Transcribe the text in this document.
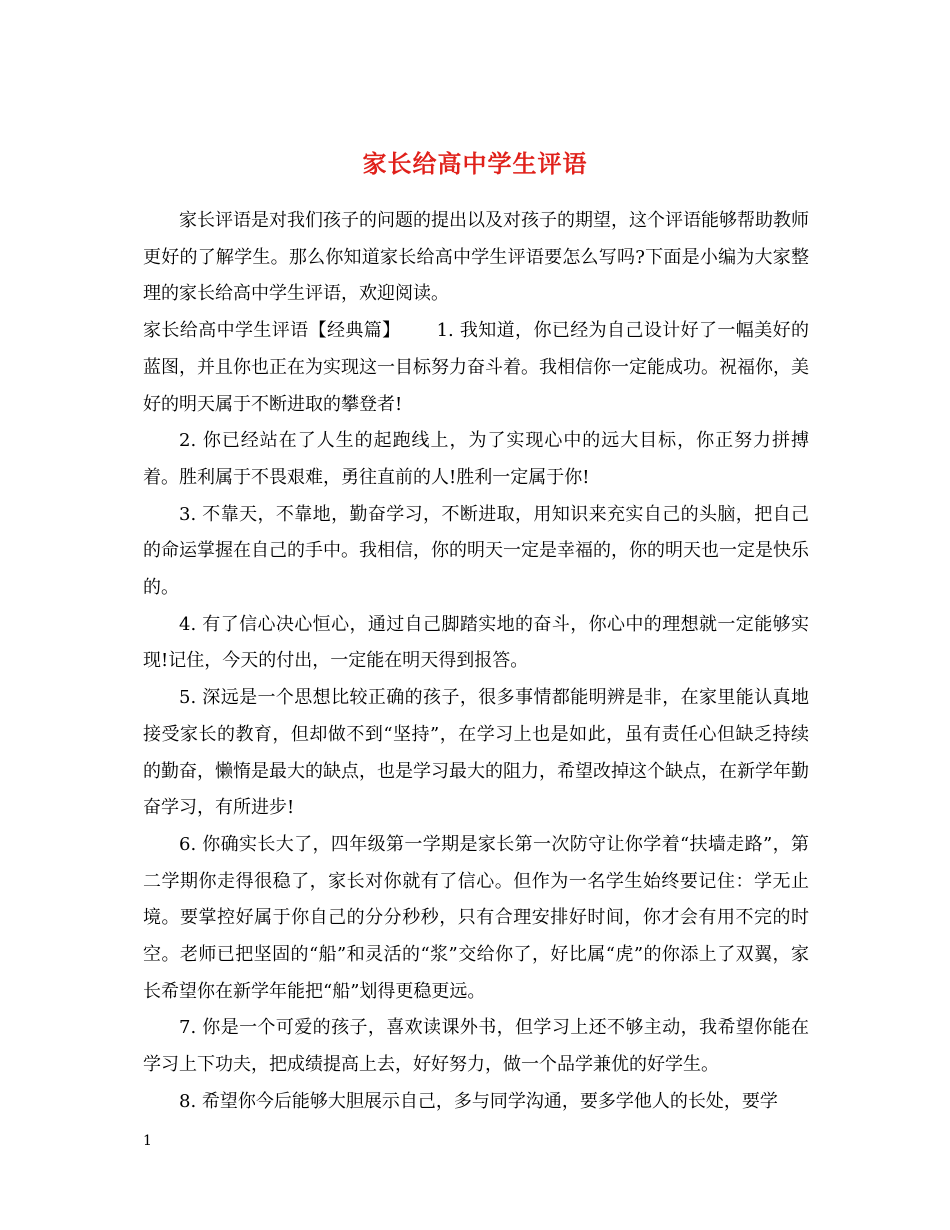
家长给高中学生评语

家长评语是对我们孩子的问题的提出以及对孩子的期望，这个评语能够帮助教师更好的了解学生。那么你知道家长给高中学生评语要怎么写吗?下面是小编为大家整理的家长给高中学生评语，欢迎阅读。

家长给高中学生评语【经典篇】 1. 我知道，你已经为自己设计好了一幅美好的蓝图，并且你也正在为实现这一目标努力奋斗着。我相信你一定能成功。祝福你，美好的明天属于不断进取的攀登者!

2. 你已经站在了人生的起跑线上，为了实现心中的远大目标，你正努力拼搏着。胜利属于不畏艰难，勇往直前的人!胜利一定属于你!

3. 不靠天，不靠地，勤奋学习，不断进取，用知识来充实自己的头脑，把自己的命运掌握在自己的手中。我相信，你的明天一定是幸福的，你的明天也一定是快乐的。

4. 有了信心决心恒心，通过自己脚踏实地的奋斗，你心中的理想就一定能够实现!记住，今天的付出，一定能在明天得到报答。

5. 深远是一个思想比较正确的孩子，很多事情都能明辨是非，在家里能认真地接受家长的教育，但却做不到“坚持”，在学习上也是如此，虽有责任心但缺乏持续的勤奋，懒惰是最大的缺点，也是学习最大的阻力，希望改掉这个缺点，在新学年勤奋学习，有所进步!

6. 你确实长大了，四年级第一学期是家长第一次防守让你学着“扶墙走路”，第二学期你走得很稳了，家长对你就有了信心。但作为一名学生始终要记住：学无止境。要掌控好属于你自己的分分秒秒，只有合理安排好时间，你才会有用不完的时空。老师已把坚固的“船”和灵活的“浆”交给你了，好比属“虎”的你添上了双翼，家长希望你在新学年能把“船”划得更稳更远。

7. 你是一个可爱的孩子，喜欢读课外书，但学习上还不够主动，我希望你能在学习上下功夫，把成绩提高上去，好好努力，做一个品学兼优的好学生。

8. 希望你今后能够大胆展示自己，多与同学沟通，要多学他人的长处，要学

1
